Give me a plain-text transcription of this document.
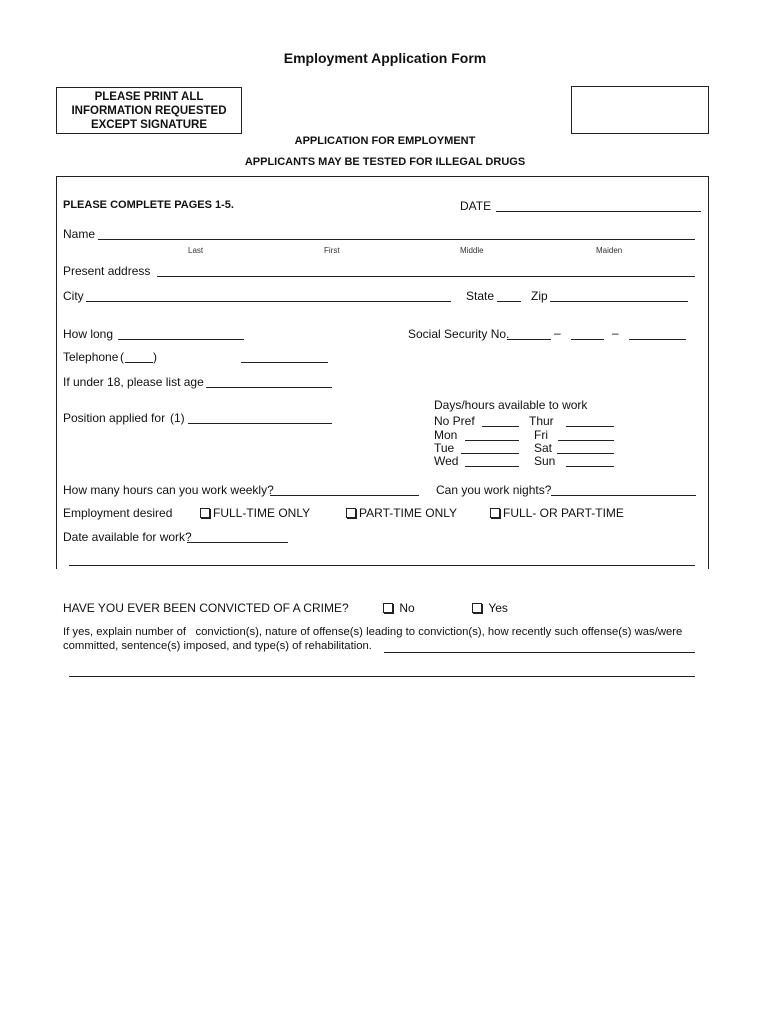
Employment Application Form
PLEASE PRINT ALL
INFORMATION REQUESTED
EXCEPT SIGNATURE
APPLICATION FOR EMPLOYMENT
APPLICANTS MAY BE TESTED FOR ILLEGAL DRUGS
PLEASE COMPLETE PAGES 1-5.	DATE
Name
Last	First	Middle	Maiden
Present address
City	State	Zip
How long	Social Security No.	–	–
Telephone ( )
If under 18, please list age
Position applied for (1)
Days/hours available to work
No Pref	Thur
Mon	Fri
Tue	Sat
Wed	Sun
How many hours can you work weekly?	Can you work nights?
Employment desired	FULL-TIME ONLY	PART-TIME ONLY	FULL- OR PART-TIME
Date available for work?
HAVE YOU EVER BEEN CONVICTED OF A CRIME?	No	Yes
If yes, explain number of   conviction(s), nature of offense(s) leading to conviction(s), how recently such offense(s) was/were
committed, sentence(s) imposed, and type(s) of rehabilitation.
